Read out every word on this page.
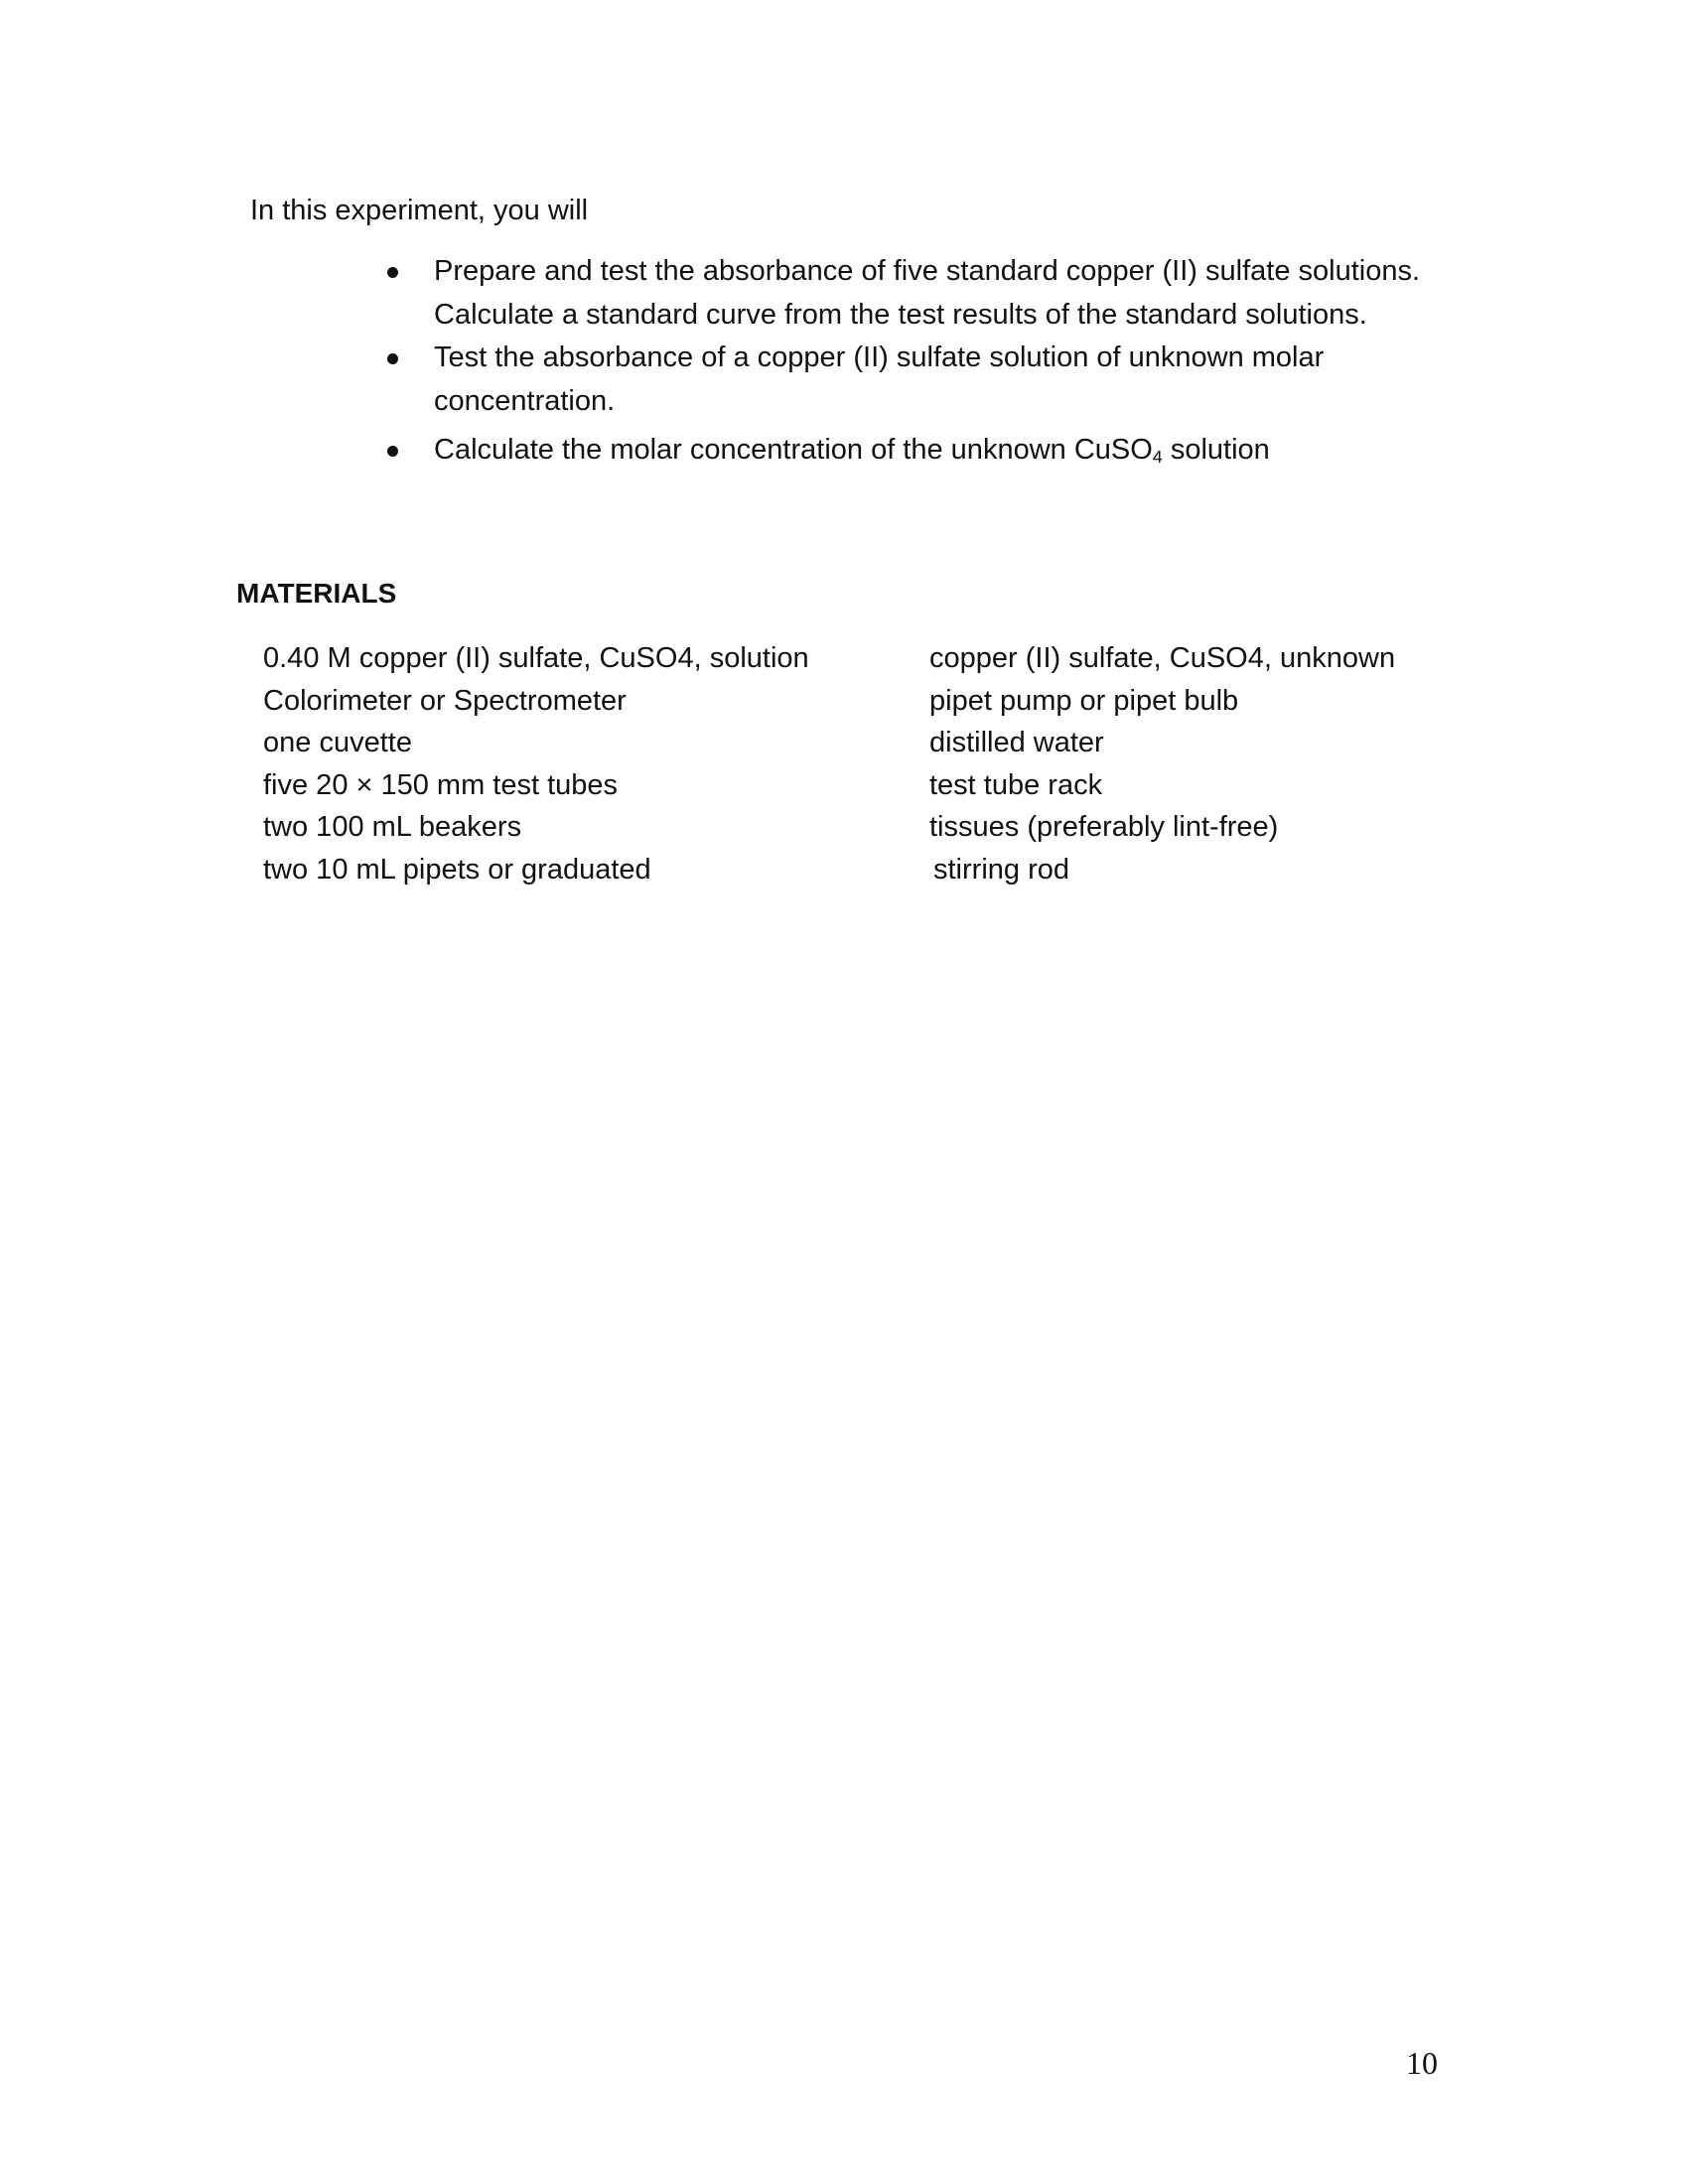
In this experiment, you will

Prepare and test the absorbance of five standard copper (II) sulfate solutions. Calculate a standard curve from the test results of the standard solutions.
Test the absorbance of a copper (II) sulfate solution of unknown molar concentration.
Calculate the molar concentration of the unknown CuSO$_4$ solution
MATERIALS
0.40 M copper (II) sulfate, CuSO4, solution
Colorimeter or Spectrometer
one cuvette
five 20 × 150 mm test tubes
two 100 mL beakers
two 10 mL pipets or graduated
copper (II) sulfate, CuSO4, unknown
pipet pump or pipet bulb
distilled water
test tube rack
tissues (preferably lint-free)
stirring rod

10
